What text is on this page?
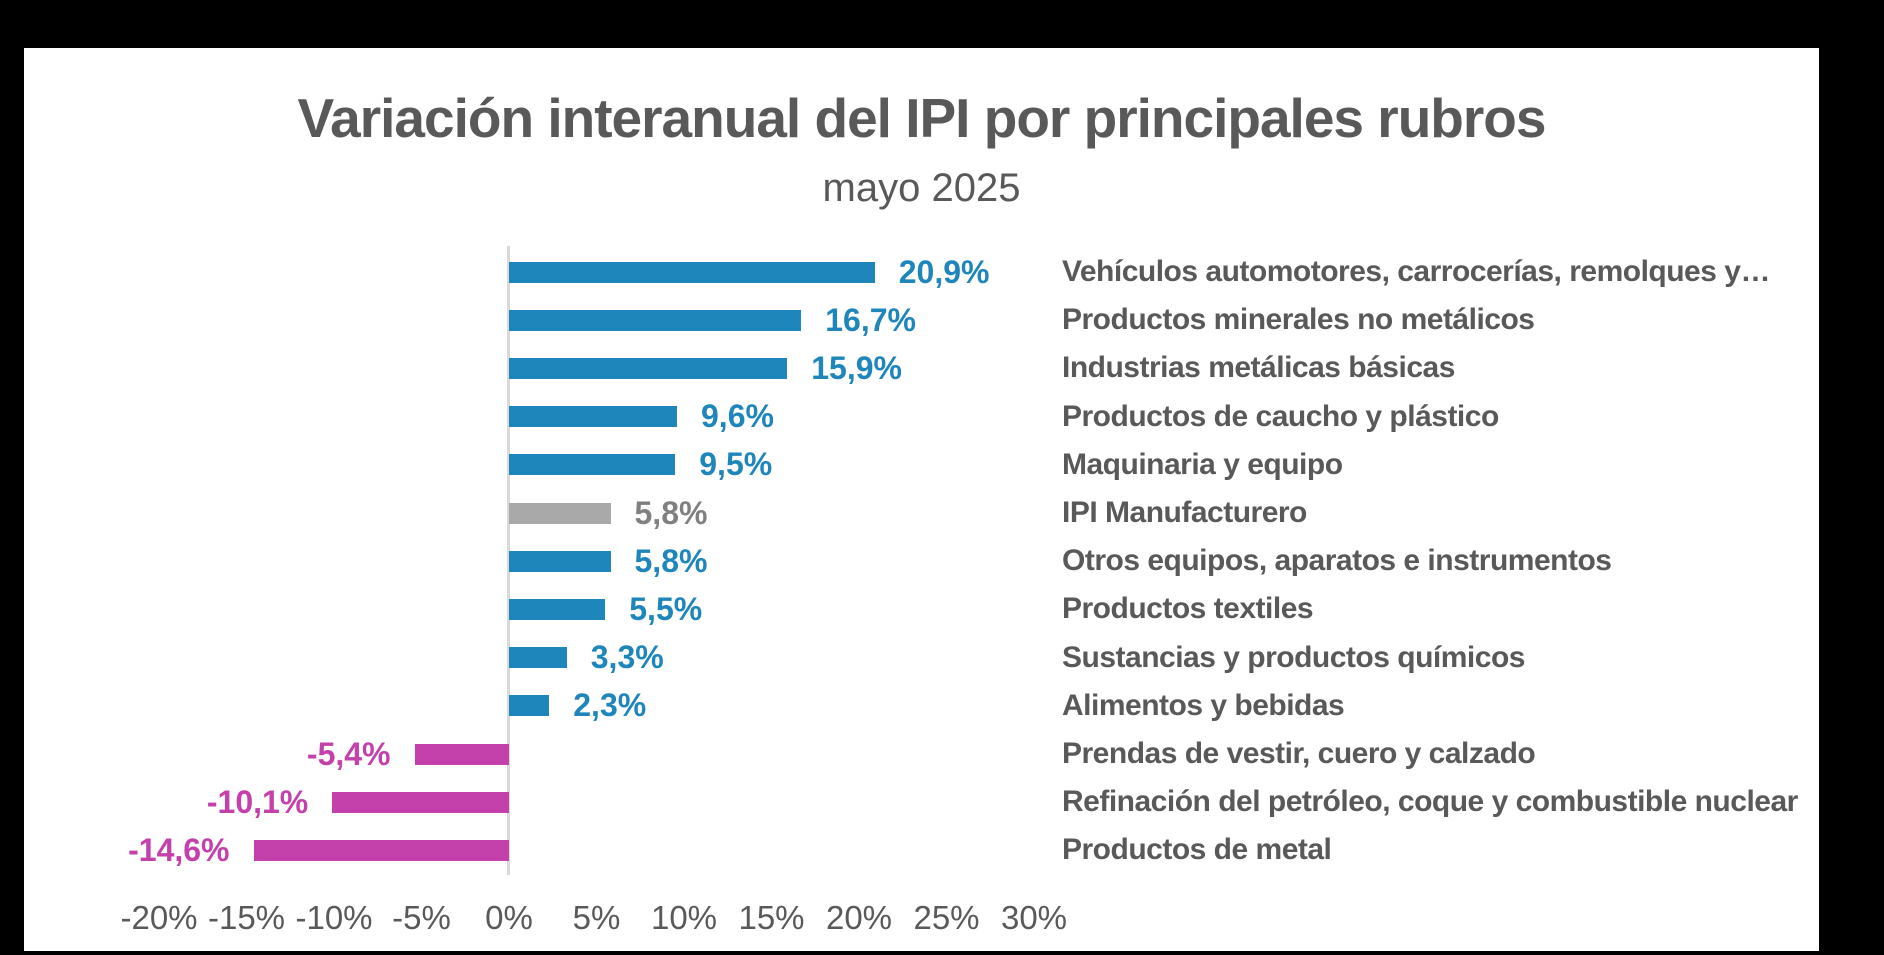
Variación interanual del IPI por principales rubros
mayo 2025
20,9%	Vehículos automotores, carrocerías, remolques y…
16,7%	Productos minerales no metálicos
15,9%	Industrias metálicas básicas
9,6%	Productos de caucho y plástico
9,5%	Maquinaria y equipo
5,8%	IPI Manufacturero
5,8%	Otros equipos, aparatos e instrumentos
5,5%	Productos textiles
3,3%	Sustancias y productos químicos
2,3%	Alimentos y bebidas
-5,4%	Prendas de vestir, cuero y calzado
-10,1%	Refinación del petróleo, coque y combustible nuclear
-14,6%	Productos de metal
-20% -15% -10% -5% 0% 5% 10% 15% 20% 25% 30%
